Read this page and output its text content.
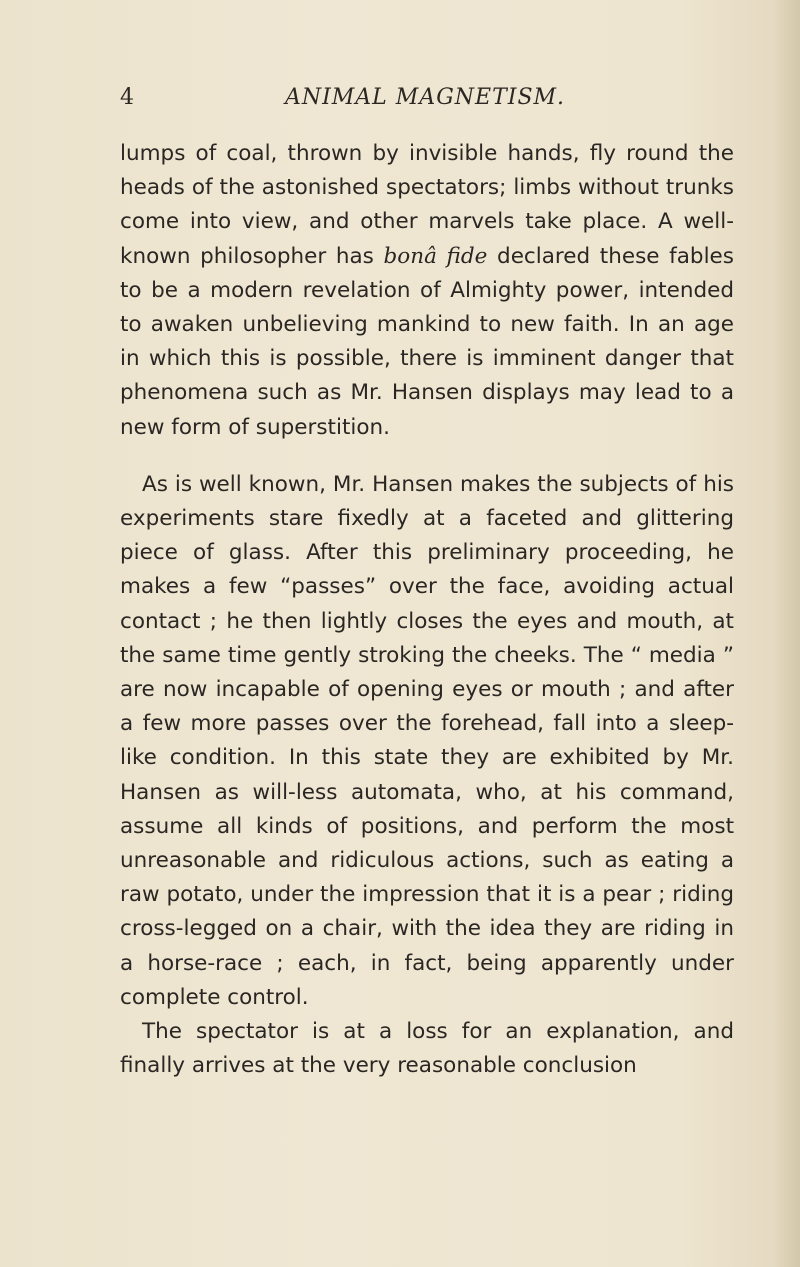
4	ANIMAL MAGNETISM.

lumps of coal, thrown by invisible hands, fly round the heads of the astonished spectators; limbs without trunks come into view, and other marvels take place. A well-known philosopher has bonâ fide declared these fables to be a modern revelation of Almighty power, intended to awaken unbelieving mankind to new faith. In an age in which this is possible, there is imminent danger that phenomena such as Mr. Hansen displays may lead to a new form of superstition.

As is well known, Mr. Hansen makes the subjects of his experiments stare fixedly at a faceted and glittering piece of glass. After this preliminary proceeding, he makes a few “passes” over the face, avoiding actual contact ; he then lightly closes the eyes and mouth, at the same time gently stroking the cheeks. The “ media ” are now incapable of opening eyes or mouth ; and after a few more passes over the forehead, fall into a sleep-like condition. In this state they are exhibited by Mr. Hansen as will-less automata, who, at his command, assume all kinds of positions, and perform the most unreasonable and ridiculous actions, such as eating a raw potato, under the impression that it is a pear ; riding cross-legged on a chair, with the idea they are riding in a horse-race ; each, in fact, being apparently under complete control.

The spectator is at a loss for an explanation, and finally arrives at the very reasonable conclusion
